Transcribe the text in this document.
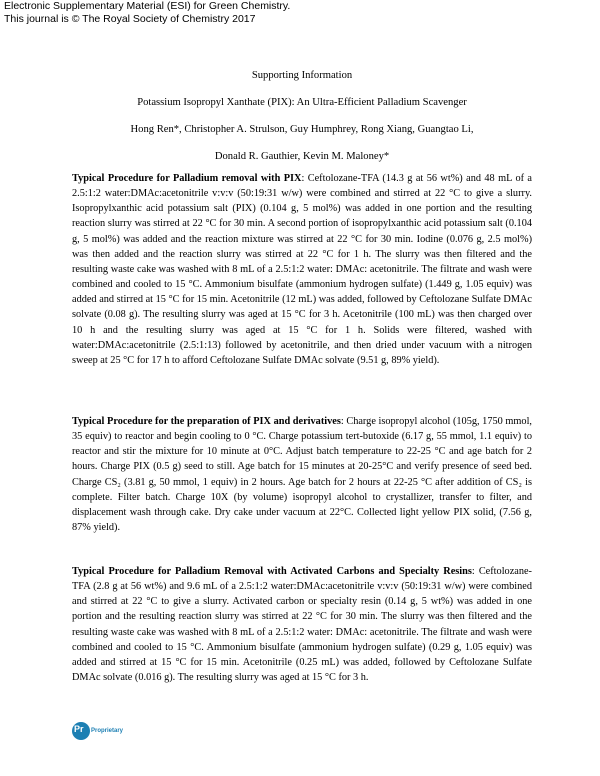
Electronic Supplementary Material (ESI) for Green Chemistry.
This journal is © The Royal Society of Chemistry 2017
Supporting Information
Potassium Isopropyl Xanthate (PIX): An Ultra-Efficient Palladium Scavenger
Hong Ren*, Christopher A. Strulson, Guy Humphrey, Rong Xiang, Guangtao Li,
Donald R. Gauthier, Kevin M. Maloney*
Typical Procedure for Palladium removal with PIX: Ceftolozane-TFA (14.3 g at 56 wt%) and 48 mL of a 2.5:1:2 water:DMAc:acetonitrile v:v:v (50:19:31 w/w) were combined and stirred at 22 °C to give a slurry. Isopropylxanthic acid potassium salt (PIX) (0.104 g, 5 mol%) was added in one portion and the resulting reaction slurry was stirred at 22 °C for 30 min. A second portion of isopropylxanthic acid potassium salt (0.104 g, 5 mol%) was added and the reaction mixture was stirred at 22 °C for 30 min. Iodine (0.076 g, 2.5 mol%) was then added and the reaction slurry was stirred at 22 °C for 1 h. The slurry was then filtered and the resulting waste cake was washed with 8 mL of a 2.5:1:2 water: DMAc: acetonitrile. The filtrate and wash were combined and cooled to 15 °C. Ammonium bisulfate (ammonium hydrogen sulfate) (1.449 g, 1.05 equiv) was added and stirred at 15 °C for 15 min. Acetonitrile (12 mL) was added, followed by Ceftolozane Sulfate DMAc solvate (0.08 g). The resulting slurry was aged at 15 °C for 3 h. Acetonitrile (100 mL) was then charged over 10 h and the resulting slurry was aged at 15 °C for 1 h. Solids were filtered, washed with water:DMAc:acetonitrile (2.5:1:13) followed by acetonitrile, and then dried under vacuum with a nitrogen sweep at 25 °C for 17 h to afford Ceftolozane Sulfate DMAc solvate (9.51 g, 89% yield).
Typical Procedure for the preparation of PIX and derivatives: Charge isopropyl alcohol (105g, 1750 mmol, 35 equiv) to reactor and begin cooling to 0 °C. Charge potassium tert-butoxide (6.17 g, 55 mmol, 1.1 equiv) to reactor and stir the mixture for 10 minute at 0°C. Adjust batch temperature to 22-25 °C and age batch for 2 hours. Charge PIX (0.5 g) seed to still. Age batch for 15 minutes at 20-25°C and verify presence of seed bed. Charge CS₂ (3.81 g, 50 mmol, 1 equiv) in 2 hours. Age batch for 2 hours at 22-25 °C after addition of CS₂ is complete. Filter batch. Charge 10X (by volume) isopropyl alcohol to crystallizer, transfer to filter, and displacement wash through cake. Dry cake under vacuum at 22°C. Collected light yellow PIX solid, (7.56 g, 87% yield).
Typical Procedure for Palladium Removal with Activated Carbons and Specialty Resins: Ceftolozane-TFA (2.8 g at 56 wt%) and 9.6 mL of a 2.5:1:2 water:DMAc:acetonitrile v:v:v (50:19:31 w/w) were combined and stirred at 22 °C to give a slurry. Activated carbon or specialty resin (0.14 g, 5 wt%) was added in one portion and the resulting reaction slurry was stirred at 22 °C for 30 min. The slurry was then filtered and the resulting waste cake was washed with 8 mL of a 2.5:1:2 water: DMAc: acetonitrile. The filtrate and wash were combined and cooled to 15 °C. Ammonium bisulfate (ammonium hydrogen sulfate) (0.29 g, 1.05 equiv) was added and stirred at 15 °C for 15 min. Acetonitrile (0.25 mL) was added, followed by Ceftolozane Sulfate DMAc solvate (0.016 g). The resulting slurry was aged at 15 °C for 3 h.
Pr Proprietary
